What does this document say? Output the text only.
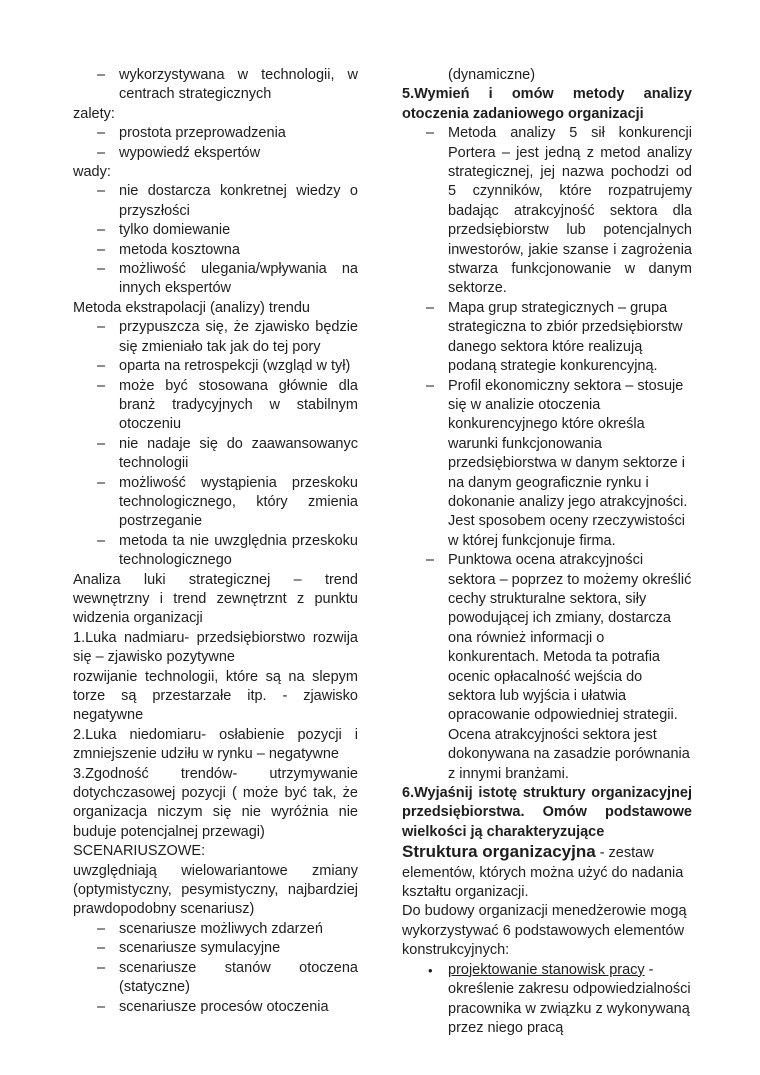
– wykorzystywana w technologii, w centrach strategicznych
zalety:
– prostota przeprowadzenia
– wypowiedź ekspertów
wady:
– nie dostarcza konkretnej wiedzy o przyszłości
– tylko domiewanie
– metoda kosztowna
– możliwość ulegania/wpływania na innych ekspertów
Metoda ekstrapolacji (analizy) trendu
– przypuszcza się, że zjawisko będzie się zmieniało tak jak do tej pory
– oparta na retrospekcji (wzgląd w tył)
– może być stosowana głównie dla branż tradycyjnych w stabilnym otoczeniu
– nie nadaje się do zaawansowanyc technologii
– możliwość wystąpienia przeskoku technologicznego, który zmienia postrzeganie
– metoda ta nie uwzględnia przeskoku technologicznego
Analiza luki strategicznej – trend wewnętrzny i trend zewnętrznt z punktu widzenia organizacji
1.Luka nadmiaru- przedsiębiorstwo rozwija się – zjawisko pozytywne
rozwijanie technologii, które są na slepym torze są przestarzałe itp. - zjawisko negatywne
2.Luka niedomiaru- osłabienie pozycji i zmniejszenie udziłu w rynku – negatywne
3.Zgodność trendów- utrzymywanie dotychczasowej pozycji ( może być tak, że organizacja niczym się nie wyróżnia nie buduje potencjalnej przewagi)
SCENARIUSZOWE:
uwzględniają wielowariantowe zmiany (optymistyczny, pesymistyczny, najbardziej prawdopodobny scenariusz)
– scenariusze możliwych zdarzeń
– scenariusze symulacyjne
– scenariusze stanów otoczena (statyczne)
– scenariusze procesów otoczenia
(dynamiczne)
5.Wymień i omów metody analizy otoczenia zadaniowego organizacji
– Metoda analizy 5 sił konkurencji Portera – jest jedną z metod analizy strategicznej, jej nazwa pochodzi od 5 czynników, które rozpatrujemy badając atrakcyjność sektora dla przedsiębiorstw lub potencjalnych inwestorów, jakie szanse i zagrożenia stwarza funkcjonowanie w danym sektorze.
– Mapa grup strategicznych – grupa strategiczna to zbiór przedsiębiorstw danego sektora które realizują podaną strategie konkurencyjną.
– Profil ekonomiczny sektora – stosuje się w analizie otoczenia konkurencyjnego które określa warunki funkcjonowania przedsiębiorstwa w danym sektorze i na danym geograficznie rynku i dokonanie analizy jego atrakcyjności. Jest sposobem oceny rzeczywistości w której funkcjonuje firma.
– Punktowa ocena atrakcyjności sektora – poprzez to możemy określić cechy strukturalne sektora, siły powodującej ich zmiany, dostarcza ona również informacji o konkurentach. Metoda ta potrafia ocenic opłacalność wejścia do sektora lub wyjścia i ułatwia opracowanie odpowiedniej strategii. Ocena atrakcyjności sektora jest dokonywana na zasadzie porównania z innymi branżami.
6.Wyjaśnij istotę struktury organizacyjnej przedsiębiorstwa. Omów podstawowe wielkości ją charakteryzujące
Struktura organizacyjna - zestaw elementów, których można użyć do nadania kształtu organizacji.
Do budowy organizacji menedżerowie mogą wykorzystywać 6 podstawowych elementów konstrukcyjnych:
• projektowanie stanowisk pracy - określenie zakresu odpowiedzialności pracownika w związku z wykonywaną przez niego pracą
